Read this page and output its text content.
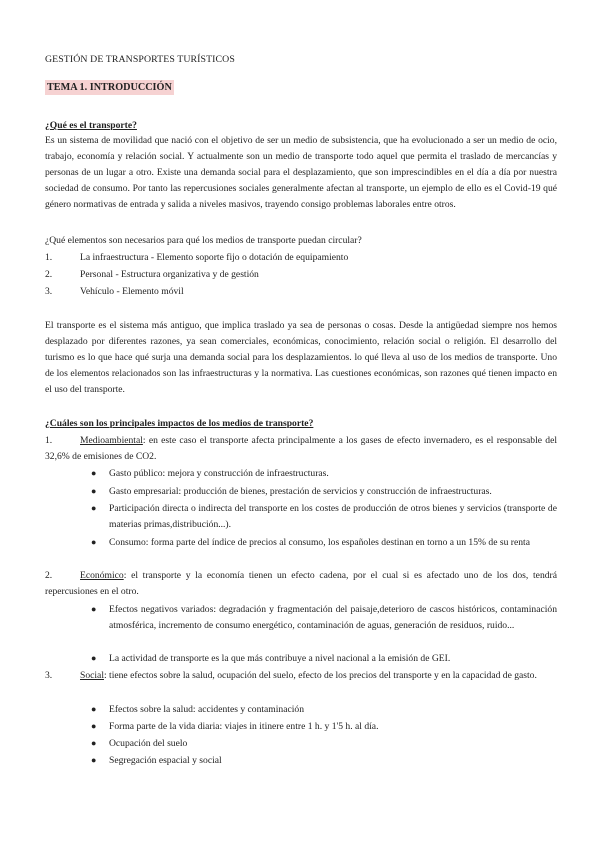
GESTIÓN DE TRANSPORTES TURÍSTICOS
TEMA 1. INTRODUCCIÓN
¿Qué es el transporte?
Es un sistema de movilidad que nació con el objetivo de ser un medio de subsistencia, que ha evolucionado a ser un medio de ocio, trabajo, economía y relación social. Y actualmente son un medio de transporte todo aquel que permita el traslado de mercancías y personas de un lugar a otro. Existe una demanda social para el desplazamiento, que son imprescindibles en el día a día por nuestra sociedad de consumo. Por tanto las repercusiones sociales generalmente afectan al transporte, un ejemplo de ello es el Covid-19 qué género normativas de entrada y salida a niveles masivos, trayendo consigo problemas laborales entre otros.
¿Qué elementos son necesarios para qué los medios de transporte puedan circular?
1.	La infraestructura - Elemento soporte fijo o dotación de equipamiento
2.	Personal - Estructura organizativa y de gestión
3.	Vehículo - Elemento móvil
El transporte es el sistema más antiguo, que implica traslado ya sea de personas o cosas. Desde la antigüedad siempre nos hemos desplazado por diferentes razones, ya sean comerciales, económicas, conocimiento, relación social o religión. El desarrollo del turismo es lo que hace qué surja una demanda social para los desplazamientos. lo qué lleva al uso de los medios de transporte. Uno de los elementos relacionados son las infraestructuras y la normativa. Las cuestiones económicas, son razones qué tienen impacto en el uso del transporte.
¿Cuáles son los principales impactos de los medios de transporte?
1.	Medioambiental: en este caso el transporte afecta principalmente a los gases de efecto invernadero, es el responsable del 32,6% de emisiones de CO2.
● Gasto público: mejora y construcción de infraestructuras.
● Gasto empresarial: producción de bienes, prestación de servicios y construcción de infraestructuras.
● Participación directa o indirecta del transporte en los costes de producción de otros bienes y servicios (transporte de materias primas,distribución...).
● Consumo: forma parte del índice de precios al consumo, los españoles destinan en torno a un 15% de su renta
2.	Económico: el transporte y la economía tienen un efecto cadena, por el cual si es afectado uno de los dos, tendrá repercusiones en el otro.
● Efectos negativos variados: degradación y fragmentación del paisaje,deterioro de cascos históricos, contaminación atmosférica, incremento de consumo energético, contaminación de aguas, generación de residuos, ruido...
● La actividad de transporte es la que más contribuye a nivel nacional a la emisión de GEI.
3.	Social: tiene efectos sobre la salud, ocupación del suelo, efecto de los precios del transporte y en la capacidad de gasto.
● Efectos sobre la salud: accidentes y contaminación
● Forma parte de la vida diaria: viajes in itinere entre 1 h. y 1'5 h. al día.
● Ocupación del suelo
● Segregación espacial y social
